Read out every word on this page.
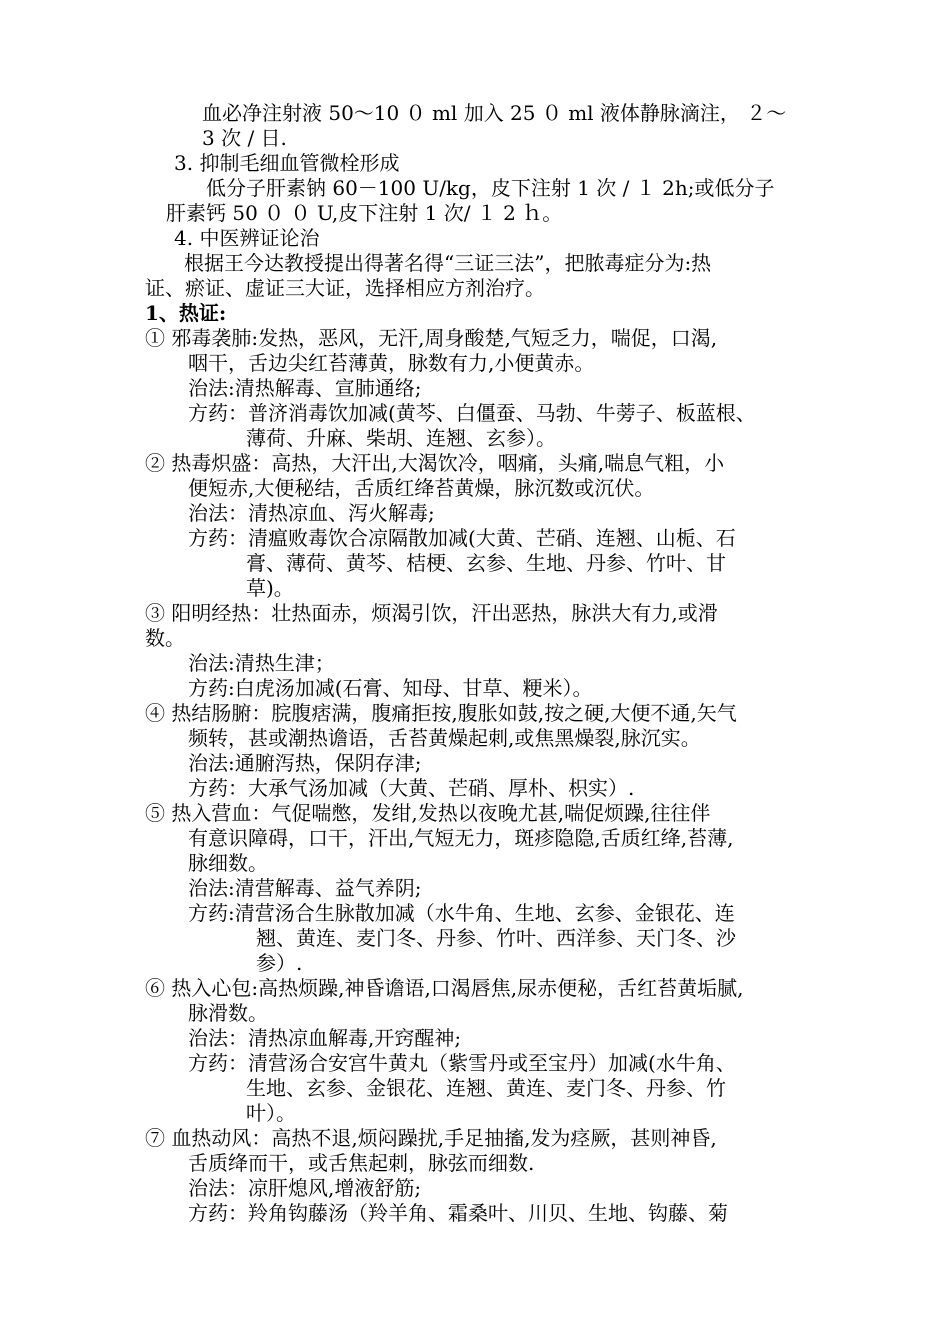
血必净注射液 50～10 ０ ml 加入 25 ０ ml 液体静脉滴注， ２～
3 次 / 日.
3. 抑制毛细血管微栓形成
低分子肝素钠 60－100 U/kg，皮下注射 1 次 / １ 2h;或低分子
肝素钙 50 ０ ０ U,皮下注射 1 次/ １ 2 ｈ。
4. 中医辨证论治
根据王今达教授提出得著名得“三证三法”，把脓毒症分为:热
证、瘀证、虚证三大证，选择相应方剂治疗。
1、热证:
① 邪毒袭肺:发热，恶风，无汗,周身酸楚,气短乏力，喘促，口渴,
咽干，舌边尖红苔薄黄，脉数有力,小便黄赤。
治法:清热解毒、宣肺通络;
方药：普济消毒饮加减(黄芩、白僵蚕、马勃、牛蒡子、板蓝根、
薄荷、升麻、柴胡、连翘、玄参）。
② 热毒炽盛：高热，大汗出,大渴饮冷，咽痛，头痛,喘息气粗，小
便短赤,大便秘结，舌质红绛苔黄燥，脉沉数或沉伏。
治法：清热凉血、泻火解毒;
方药：清瘟败毒饮合凉隔散加减(大黄、芒硝、连翘、山栀、石
膏、薄荷、黄芩、桔梗、玄参、生地、丹参、竹叶、甘
草)。
③ 阳明经热：壮热面赤，烦渴引饮，汗出恶热，脉洪大有力,或滑
数。
治法:清热生津；
方药:白虎汤加减(石膏、知母、甘草、粳米）。
④ 热结肠腑：脘腹痞满，腹痛拒按,腹胀如鼓,按之硬,大便不通,矢气
频转，甚或潮热谵语，舌苔黄燥起刺,或焦黑燥裂,脉沉实。
治法:通腑泻热，保阴存津;
方药：大承气汤加减（大黄、芒硝、厚朴、枳实）.
⑤ 热入营血：气促喘憋，发绀,发热以夜晚尤甚,喘促烦躁,往往伴
有意识障碍，口干，汗出,气短无力，斑疹隐隐,舌质红绛,苔薄,
脉细数。
治法:清营解毒、益气养阴;
方药:清营汤合生脉散加减（水牛角、生地、玄参、金银花、连
翘、黄连、麦门冬、丹参、竹叶、西洋参、天门冬、沙
参）.
⑥ 热入心包:高热烦躁,神昏谵语,口渴唇焦,尿赤便秘，舌红苔黄垢腻,
脉滑数。
治法：清热凉血解毒,开窍醒神;
方药：清营汤合安宫牛黄丸（紫雪丹或至宝丹）加减(水牛角、
生地、玄参、金银花、连翘、黄连、麦门冬、丹参、竹
叶）。
⑦ 血热动风：高热不退,烦闷躁扰,手足抽搐,发为痉厥，甚则神昏,
舌质绛而干，或舌焦起刺，脉弦而细数.
治法：凉肝熄风,增液舒筋;
方药：羚角钩藤汤（羚羊角、霜桑叶、川贝、生地、钩藤、菊
